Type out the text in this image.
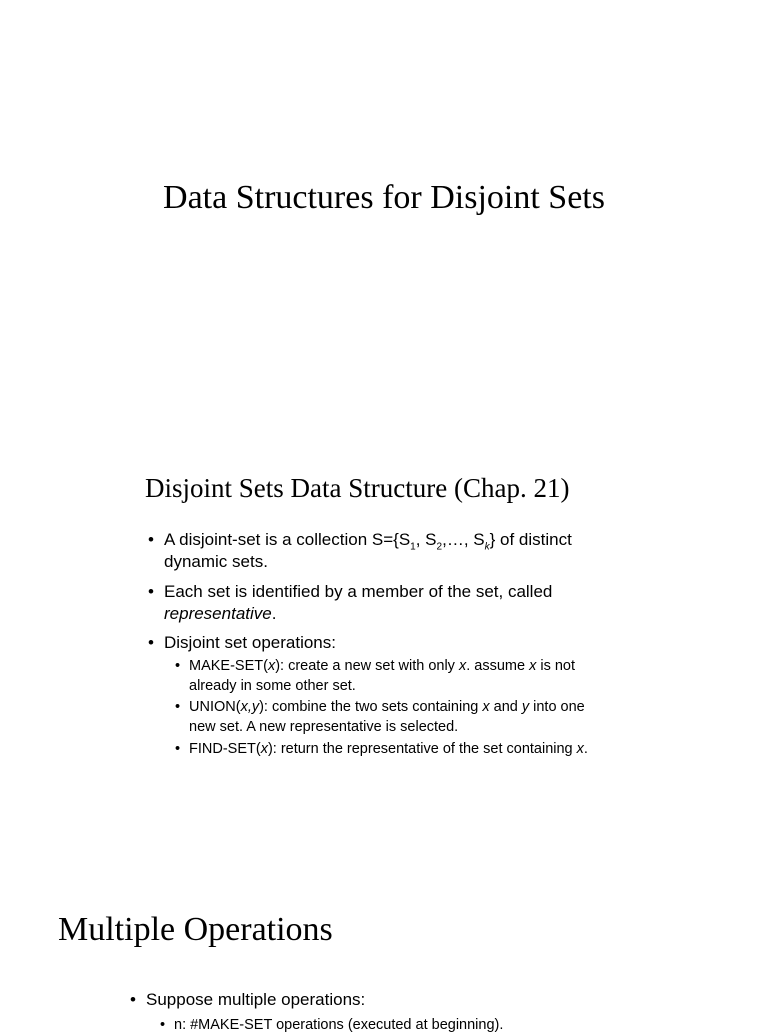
Data Structures for Disjoint Sets
Disjoint Sets Data Structure (Chap. 21)
• A disjoint-set is a collection $S=\{S_1$, $S_2,\dots$, $S_k$} of distinct
dynamic sets.
• Each set is identified by a member of the set, called
representative.
• Disjoint set operations:
• MAKE-SET(x): create a new set with only x. assume x is not
already in some other set.
• UNION(x,y): combine the two sets containing x and y into one
new set. A new representative is selected.
• FIND-SET(x): return the representative of the set containing x.
Multiple Operations
• Suppose multiple operations:
• n: #MAKE-SET operations (executed at beginning).
